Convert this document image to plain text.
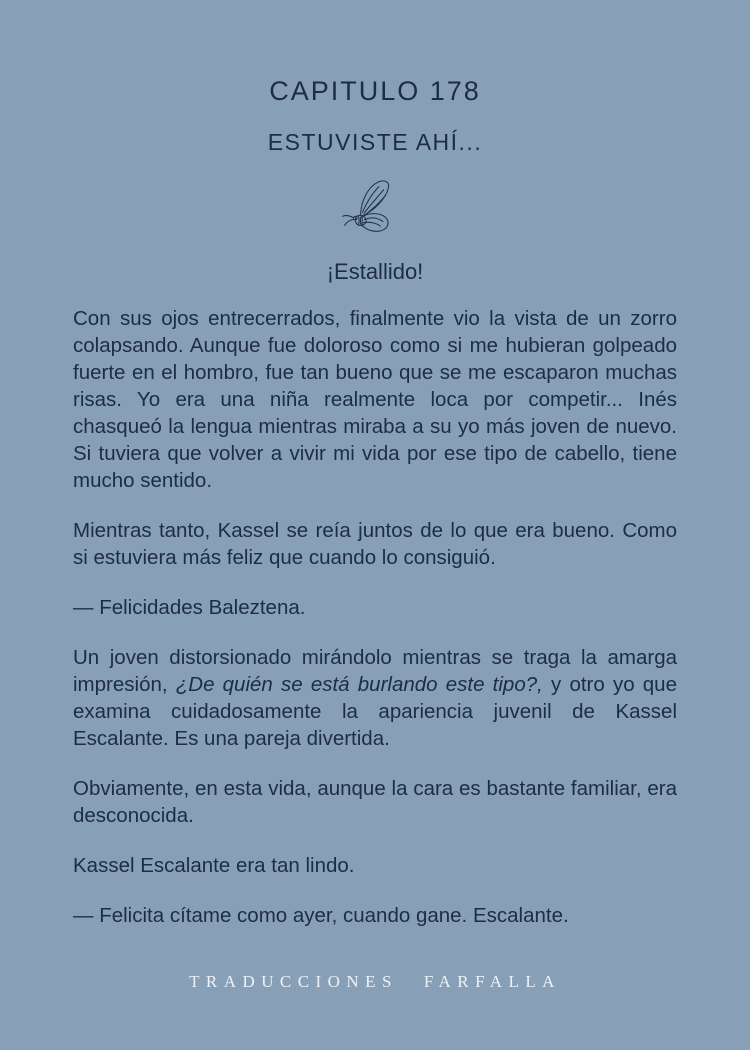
CAPITULO 178
ESTUVISTE AHÍ...
¡Estallido!

Con sus ojos entrecerrados, finalmente vio la vista de un zorro colapsando. Aunque fue doloroso como si me hubieran golpeado fuerte en el hombro, fue tan bueno que se me escaparon muchas risas. Yo era una niña realmente loca por competir... Inés chasqueó la lengua mientras miraba a su yo más joven de nuevo. Si tuviera que volver a vivir mi vida por ese tipo de cabello, tiene mucho sentido.

Mientras tanto, Kassel se reía juntos de lo que era bueno. Como si estuviera más feliz que cuando lo consiguió.

— Felicidades Baleztena.

Un joven distorsionado mirándolo mientras se traga la amarga impresión, ¿De quién se está burlando este tipo?, y otro yo que examina cuidadosamente la apariencia juvenil de Kassel Escalante. Es una pareja divertida.

Obviamente, en esta vida, aunque la cara es bastante familiar, era desconocida.

Kassel Escalante era tan lindo.

— Felicita cítame como ayer, cuando gane. Escalante.

TRADUCCIONES FARFALLA
